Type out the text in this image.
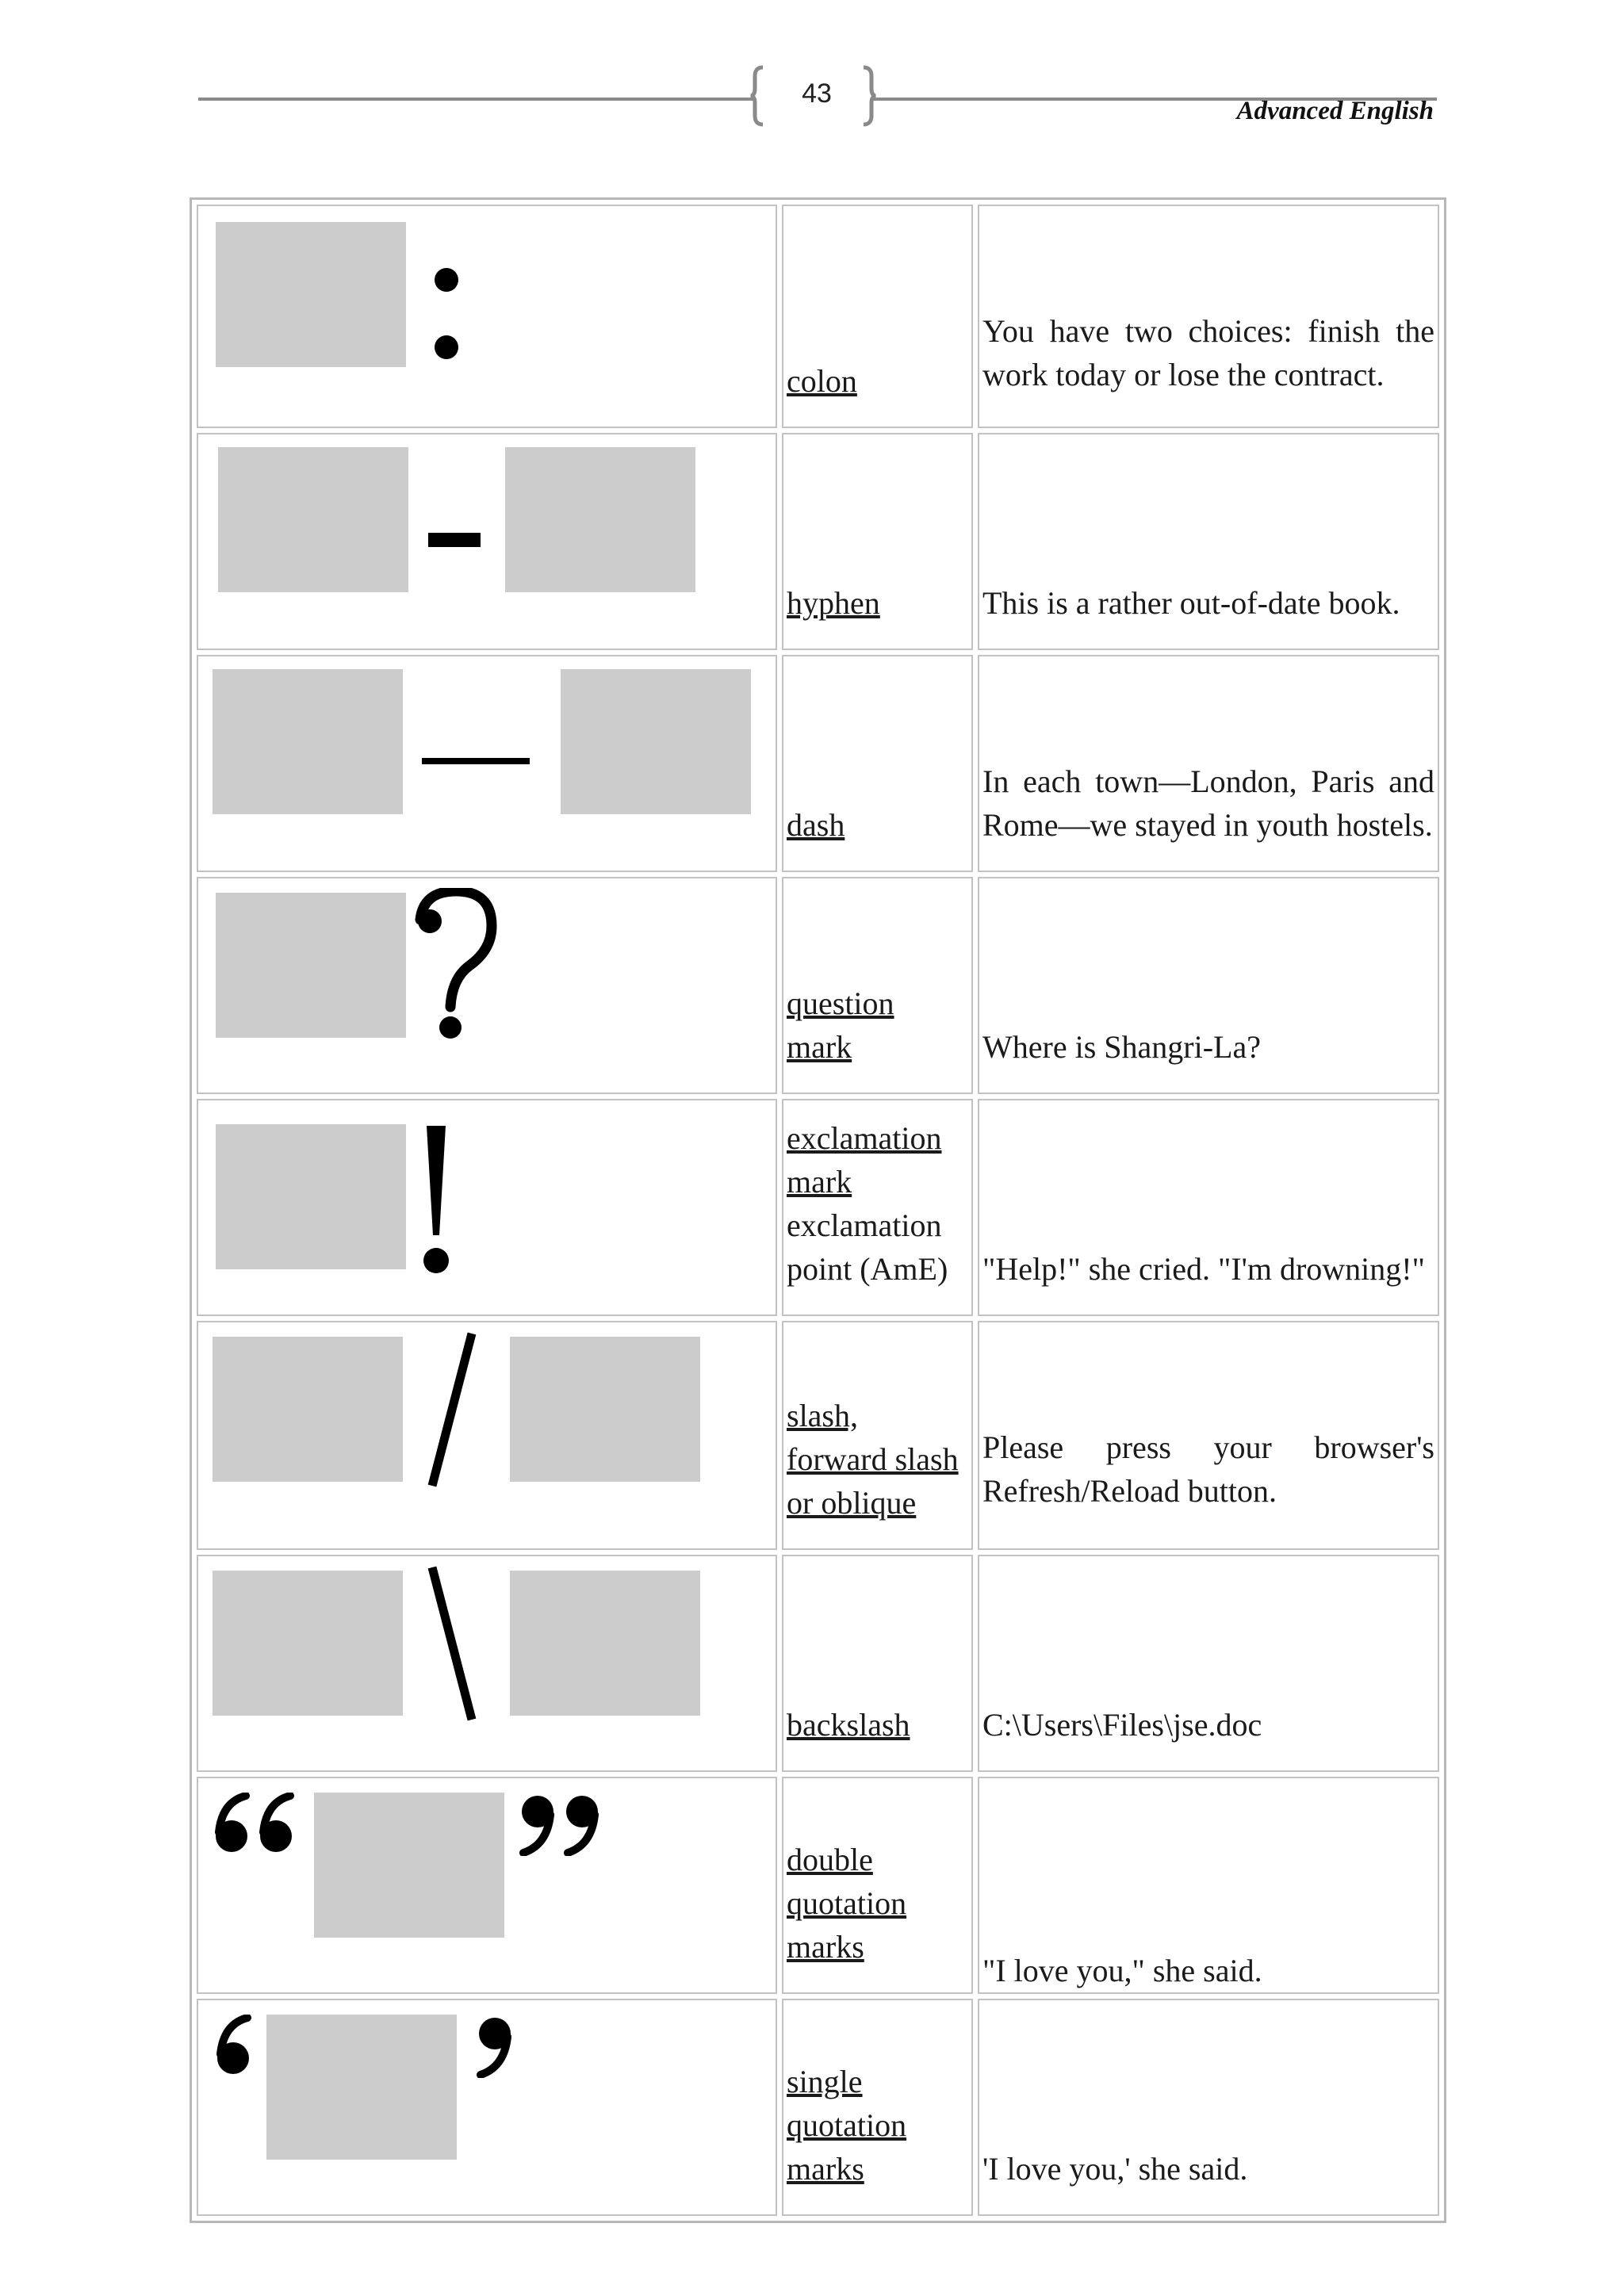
43
Advanced English
	colon	You have two choices: finish the work today or lose the contract.

	hyphen	This is a rather out-of-date book.

	dash	In each town—London, Paris and Rome—we stayed in youth hostels.

question
mark	Where is Shangri-La?

exclamation
mark
exclamation
point (AmE)	"Help!" she cried. "I'm drowning!"

slash,
forward slash
or oblique	Please press your browser's Refresh/Reload button.

	backslash	C:\Users\Files\jse.doc

double
quotation
marks	"I love you," she said.

single
quotation
marks	'I love you,' she said.
